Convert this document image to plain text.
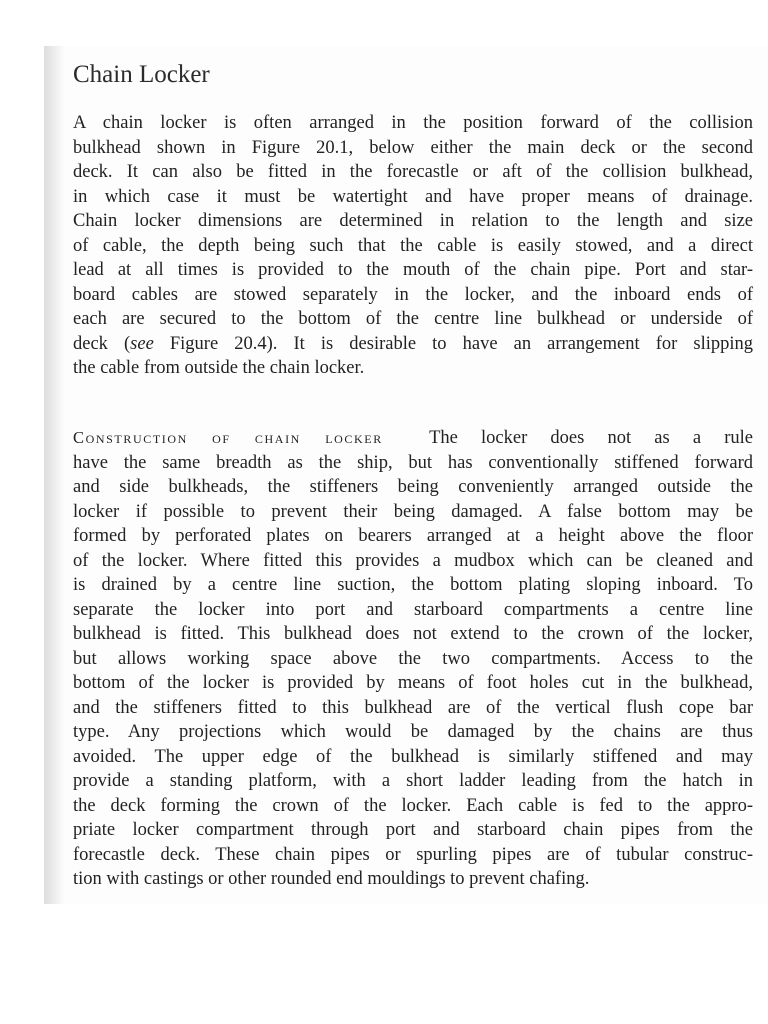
Chain Locker
A chain locker is often arranged in the position forward of the collision
bulkhead shown in Figure 20.1, below either the main deck or the second
deck. It can also be fitted in the forecastle or aft of the collision bulkhead,
in which case it must be watertight and have proper means of drainage.
Chain locker dimensions are determined in relation to the length and size
of cable, the depth being such that the cable is easily stowed, and a direct
lead at all times is provided to the mouth of the chain pipe. Port and star-
board cables are stowed separately in the locker, and the inboard ends of
each are secured to the bottom of the centre line bulkhead or underside of
deck (see Figure 20.4). It is desirable to have an arrangement for slipping
the cable from outside the chain locker.
Construction of chain locker	The locker does not as a rule
have the same breadth as the ship, but has conventionally stiffened forward
and side bulkheads, the stiffeners being conveniently arranged outside the
locker if possible to prevent their being damaged. A false bottom may be
formed by perforated plates on bearers arranged at a height above the floor
of the locker. Where fitted this provides a mudbox which can be cleaned and
is drained by a centre line suction, the bottom plating sloping inboard. To
separate the locker into port and starboard compartments a centre line
bulkhead is fitted. This bulkhead does not extend to the crown of the locker,
but allows working space above the two compartments. Access to the
bottom of the locker is provided by means of foot holes cut in the bulkhead,
and the stiffeners fitted to this bulkhead are of the vertical flush cope bar
type. Any projections which would be damaged by the chains are thus
avoided. The upper edge of the bulkhead is similarly stiffened and may
provide a standing platform, with a short ladder leading from the hatch in
the deck forming the crown of the locker. Each cable is fed to the appro-
priate locker compartment through port and starboard chain pipes from the
forecastle deck. These chain pipes or spurling pipes are of tubular construc-
tion with castings or other rounded end mouldings to prevent chafing.
